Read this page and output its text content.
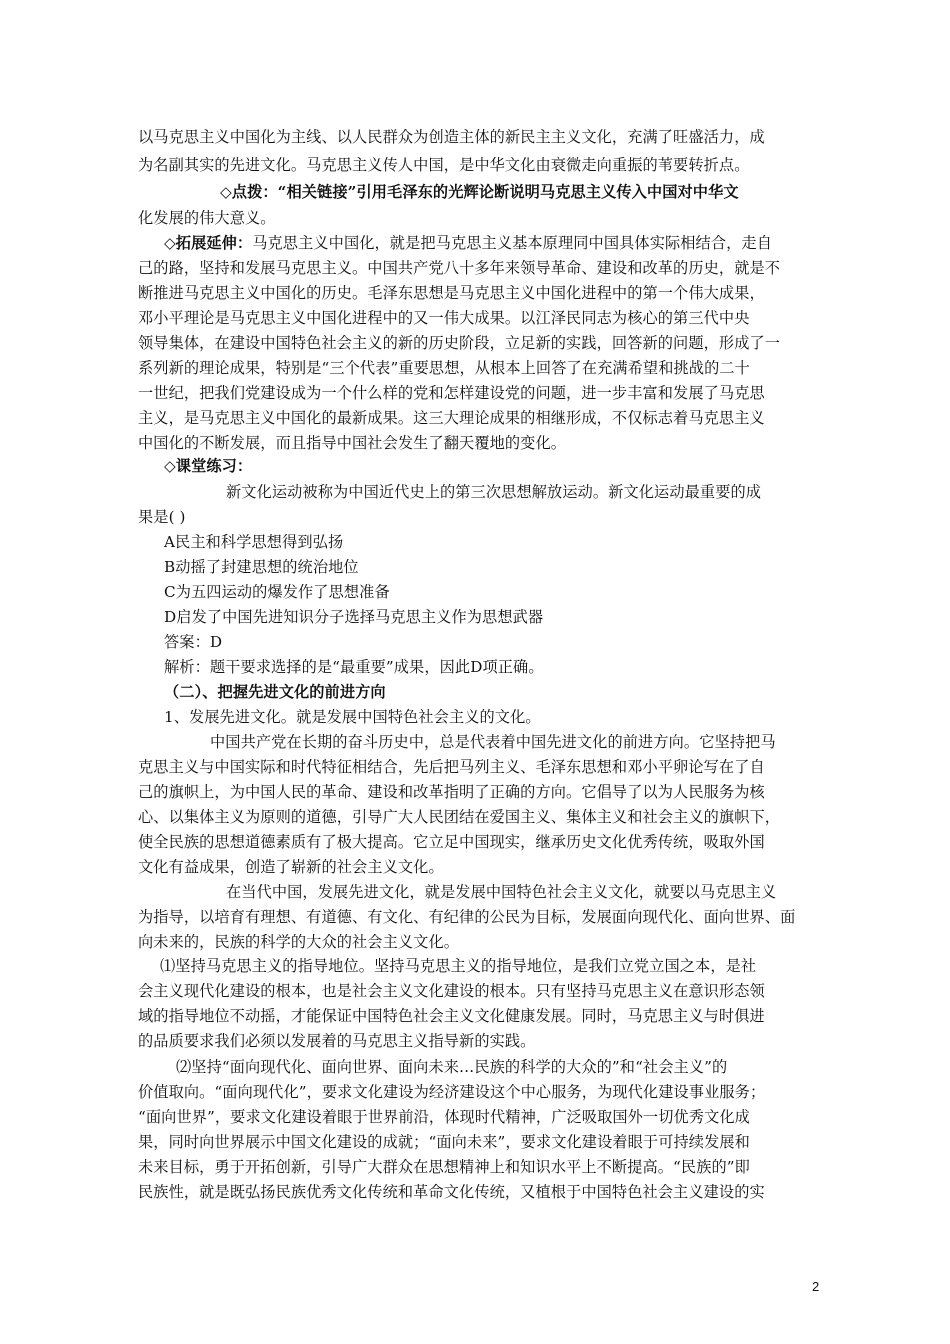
以马克思主义中国化为主线、以人民群众为创造主体的新民主主义文化，充满了旺盛活力，成
为名副其实的先进文化。马克思主义传人中国，是中华文化由衰微走向重振的苇要转折点。
◇点拨：“相关链接”引用毛泽东的光辉论断说明马克思主义传入中国对中华文
化发展的伟大意义。
◇拓展延伸：马克思主义中国化，就是把马克思主义基本原理同中国具体实际相结合，走自
己的路，坚持和发展马克思主义。中国共产党八十多年来领导革命、建设和改革的历史，就是不
断推进马克思主义中国化的历史。毛泽东思想是马克思主义中国化进程中的第一个伟大成果，
邓小平理论是马克思主义中国化进程中的又一伟大成果。以江泽民同志为核心的第三代中央
领导集体，在建设中国特色社会主义的新的历史阶段，立足新的实践，回答新的问题，形成了一
系列新的理论成果，特别是“三个代表”重要思想，从根本上回答了在充满希望和挑战的二十
一世纪，把我们党建设成为一个什么样的党和怎样建设党的问题，进一步丰富和发展了马克思
主义，是马克思主义中国化的最新成果。这三大理论成果的相继形成，不仅标志着马克思主义
中国化的不断发展，而且指导中国社会发生了翻天覆地的变化。
◇课堂练习：
新文化运动被称为中国近代史上的第三次思想解放运动。新文化运动最重要的成
果是( )
A民主和科学思想得到弘扬
B动摇了封建思想的统治地位
C为五四运动的爆发作了思想准备
D启发了中国先进知识分子选择马克思主义作为思想武器
答案：D
解析：题干要求选择的是“最重要”成果，因此D项正确。
（二）、把握先进文化的前进方向
1、发展先进文化。就是发展中国特色社会主义的文化。
中国共产党在长期的奋斗历史中，总是代表着中国先进文化的前进方向。它坚持把马
克思主义与中国实际和时代特征相结合，先后把马列主义、毛泽东思想和邓小平卵论写在了自
己的旗帜上，为中国人民的革命、建设和改革指明了正确的方向。它倡导了以为人民服务为核
心、以集体主义为原则的道德，引导广大人民团结在爱国主义、集体主义和社会主义的旗帜下，
使全民族的思想道德素质有了极大提高。它立足中国现实，继承历史文化优秀传统，吸取外国
文化有益成果，创造了崭新的社会主义文化。
在当代中国，发展先进文化，就是发展中国特色社会主义文化，就要以马克思主义
为指导，以培育有理想、有道德、有文化、有纪律的公民为目标，发展面向现代化、面向世界、面
向未来的，民族的科学的大众的社会主义文化。
⑴坚持马克思主义的指导地位。坚持马克思主义的指导地位，是我们立党立国之本，是社
会主义现代化建设的根本，也是社会主义文化建设的根本。只有坚持马克思主义在意识形态领
域的指导地位不动摇，才能保证中国特色社会主义文化健康发展。同时，马克思主义与时俱进
的品质要求我们必须以发展着的马克思主义指导新的实践。
⑵坚持“面向现代化、面向世界、面向未来…民族的科学的大众的”和“社会主义”的
价值取向。“面向现代化”，要求文化建设为经济建设这个中心服务，为现代化建设事业服务；
“面向世界”，要求文化建设着眼于世界前沿，体现时代精神，广泛吸取国外一切优秀文化成
果，同时向世界展示中国文化建设的成就；“面向未来”，要求文化建设着眼于可持续发展和
未来目标，勇于开拓创新，引导广大群众在思想精神上和知识水平上不断提高。“民族的”即
民族性，就是既弘扬民族优秀文化传统和革命文化传统，又植根于中国特色社会主义建设的实
2
